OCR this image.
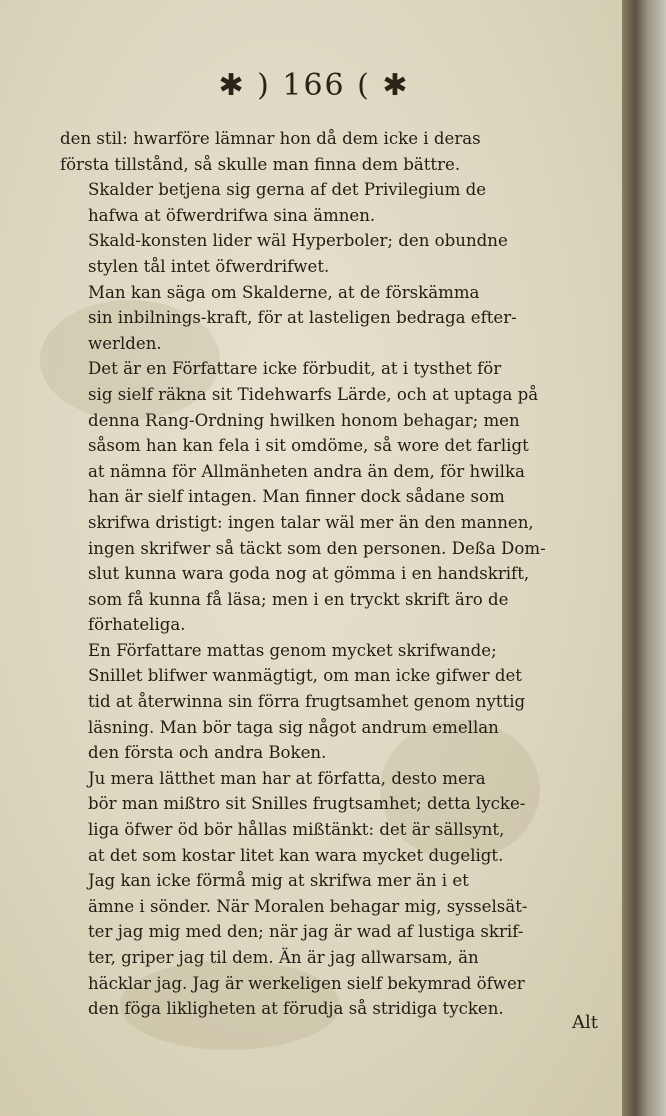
✱ ) 166 ( ✱

den stil: hwarföre lämnar hon då dem icke i deras
första tillstånd, så skulle man finna dem bättre.

Skalder betjena sig gerna af det Privilegium de
hafwa at öfwerdrifwa sina ämnen.

Skald-konsten lider wäl Hyperboler; den obundne
stylen tål intet öfwerdrifwet.

Man kan säga om Skalderne, at de förskämma
sin inbilnings-kraft, för at lasteligen bedraga efter-
werlden.

Det är en Författare icke förbudit, at i tysthet för
sig sielf räkna sit Tidehwarfs Lärde, och at uptaga på
denna Rang-Ordning hwilken honom behagar; men
såsom han kan fela i sit omdöme, så wore det farligt
at nämna för Allmänheten andra än dem, för hwilka
han är sielf intagen. Man finner dock sådane som
skrifwa dristigt: ingen talar wäl mer än den mannen,
ingen skrifwer så täckt som den personen. Deßa Dom-
slut kunna wara goda nog at gömma i en handskrift,
som få kunna få läsa; men i en tryckt skrift äro de
förhateliga.

En Författare mattas genom mycket skrifwande;
Snillet blifwer wanmägtigt, om man icke gifwer det
tid at återwinna sin förra frugtsamhet genom nyttig
läsning. Man bör taga sig något andrum emellan
den första och andra Boken.

Ju mera lätthet man har at författa, desto mera
bör man mißtro sit Snilles frugtsamhet; detta lycke-
liga öfwer öd bör hållas mißtänkt: det är sällsynt,
at det som kostar litet kan wara mycket dugeligt.

Jag kan icke förmå mig at skrifwa mer än i et
ämne i sönder. När Moralen behagar mig, sysselsät-
ter jag mig med den; när jag är wad af lustiga skrif-
ter, griper jag til dem. Än är jag allwarsam, än
häcklar jag. Jag är werkeligen sielf bekymrad öfwer
den föga likligheten at förudja så stridiga tycken.

Alt
